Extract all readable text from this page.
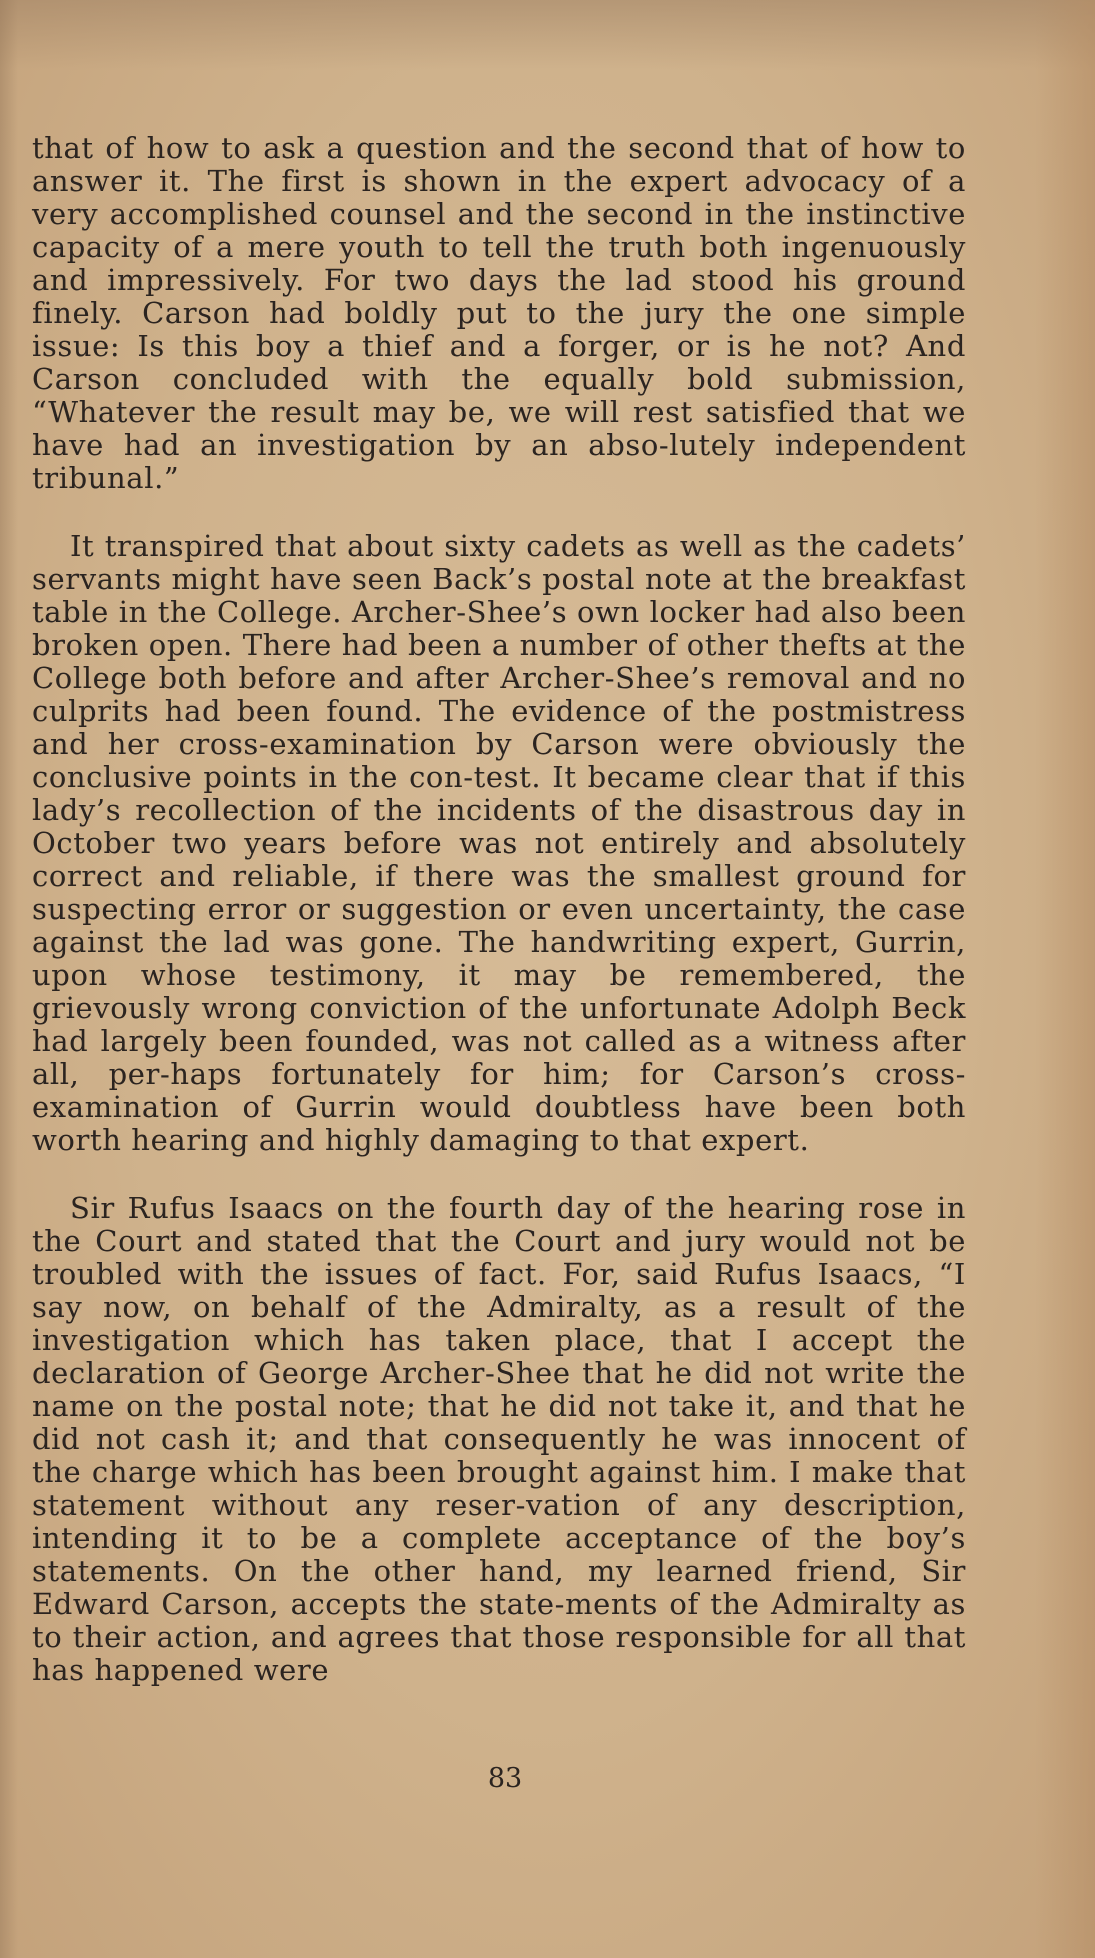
that of how to ask a question and the second that of how to answer it. The first is shown in the expert advocacy of a very accomplished counsel and the second in the instinctive capacity of a mere youth to tell the truth both ingenuously and impressively. For two days the lad stood his ground finely. Carson had boldly put to the jury the one simple issue: Is this boy a thief and a forger, or is he not? And Carson concluded with the equally bold submission, “Whatever the result may be, we will rest satisfied that we have had an investigation by an abso-lutely independent tribunal.”

It transpired that about sixty cadets as well as the cadets’ servants might have seen Back’s postal note at the breakfast table in the College. Archer-Shee’s own locker had also been broken open. There had been a number of other thefts at the College both before and after Archer-Shee’s removal and no culprits had been found. The evidence of the postmistress and her cross-examination by Carson were obviously the conclusive points in the con-test. It became clear that if this lady’s recollection of the incidents of the disastrous day in October two years before was not entirely and absolutely correct and reliable, if there was the smallest ground for suspecting error or suggestion or even uncertainty, the case against the lad was gone. The handwriting expert, Gurrin, upon whose testimony, it may be remembered, the grievously wrong conviction of the unfortunate Adolph Beck had largely been founded, was not called as a witness after all, per-haps fortunately for him; for Carson’s cross-examination of Gurrin would doubtless have been both worth hearing and highly damaging to that expert.

Sir Rufus Isaacs on the fourth day of the hearing rose in the Court and stated that the Court and jury would not be troubled with the issues of fact. For, said Rufus Isaacs, “I say now, on behalf of the Admiralty, as a result of the investigation which has taken place, that I accept the declaration of George Archer-Shee that he did not write the name on the postal note; that he did not take it, and that he did not cash it; and that consequently he was innocent of the charge which has been brought against him. I make that statement without any reser-vation of any description, intending it to be a complete acceptance of the boy’s statements. On the other hand, my learned friend, Sir Edward Carson, accepts the state-ments of the Admiralty as to their action, and agrees that those responsible for all that has happened were

83
